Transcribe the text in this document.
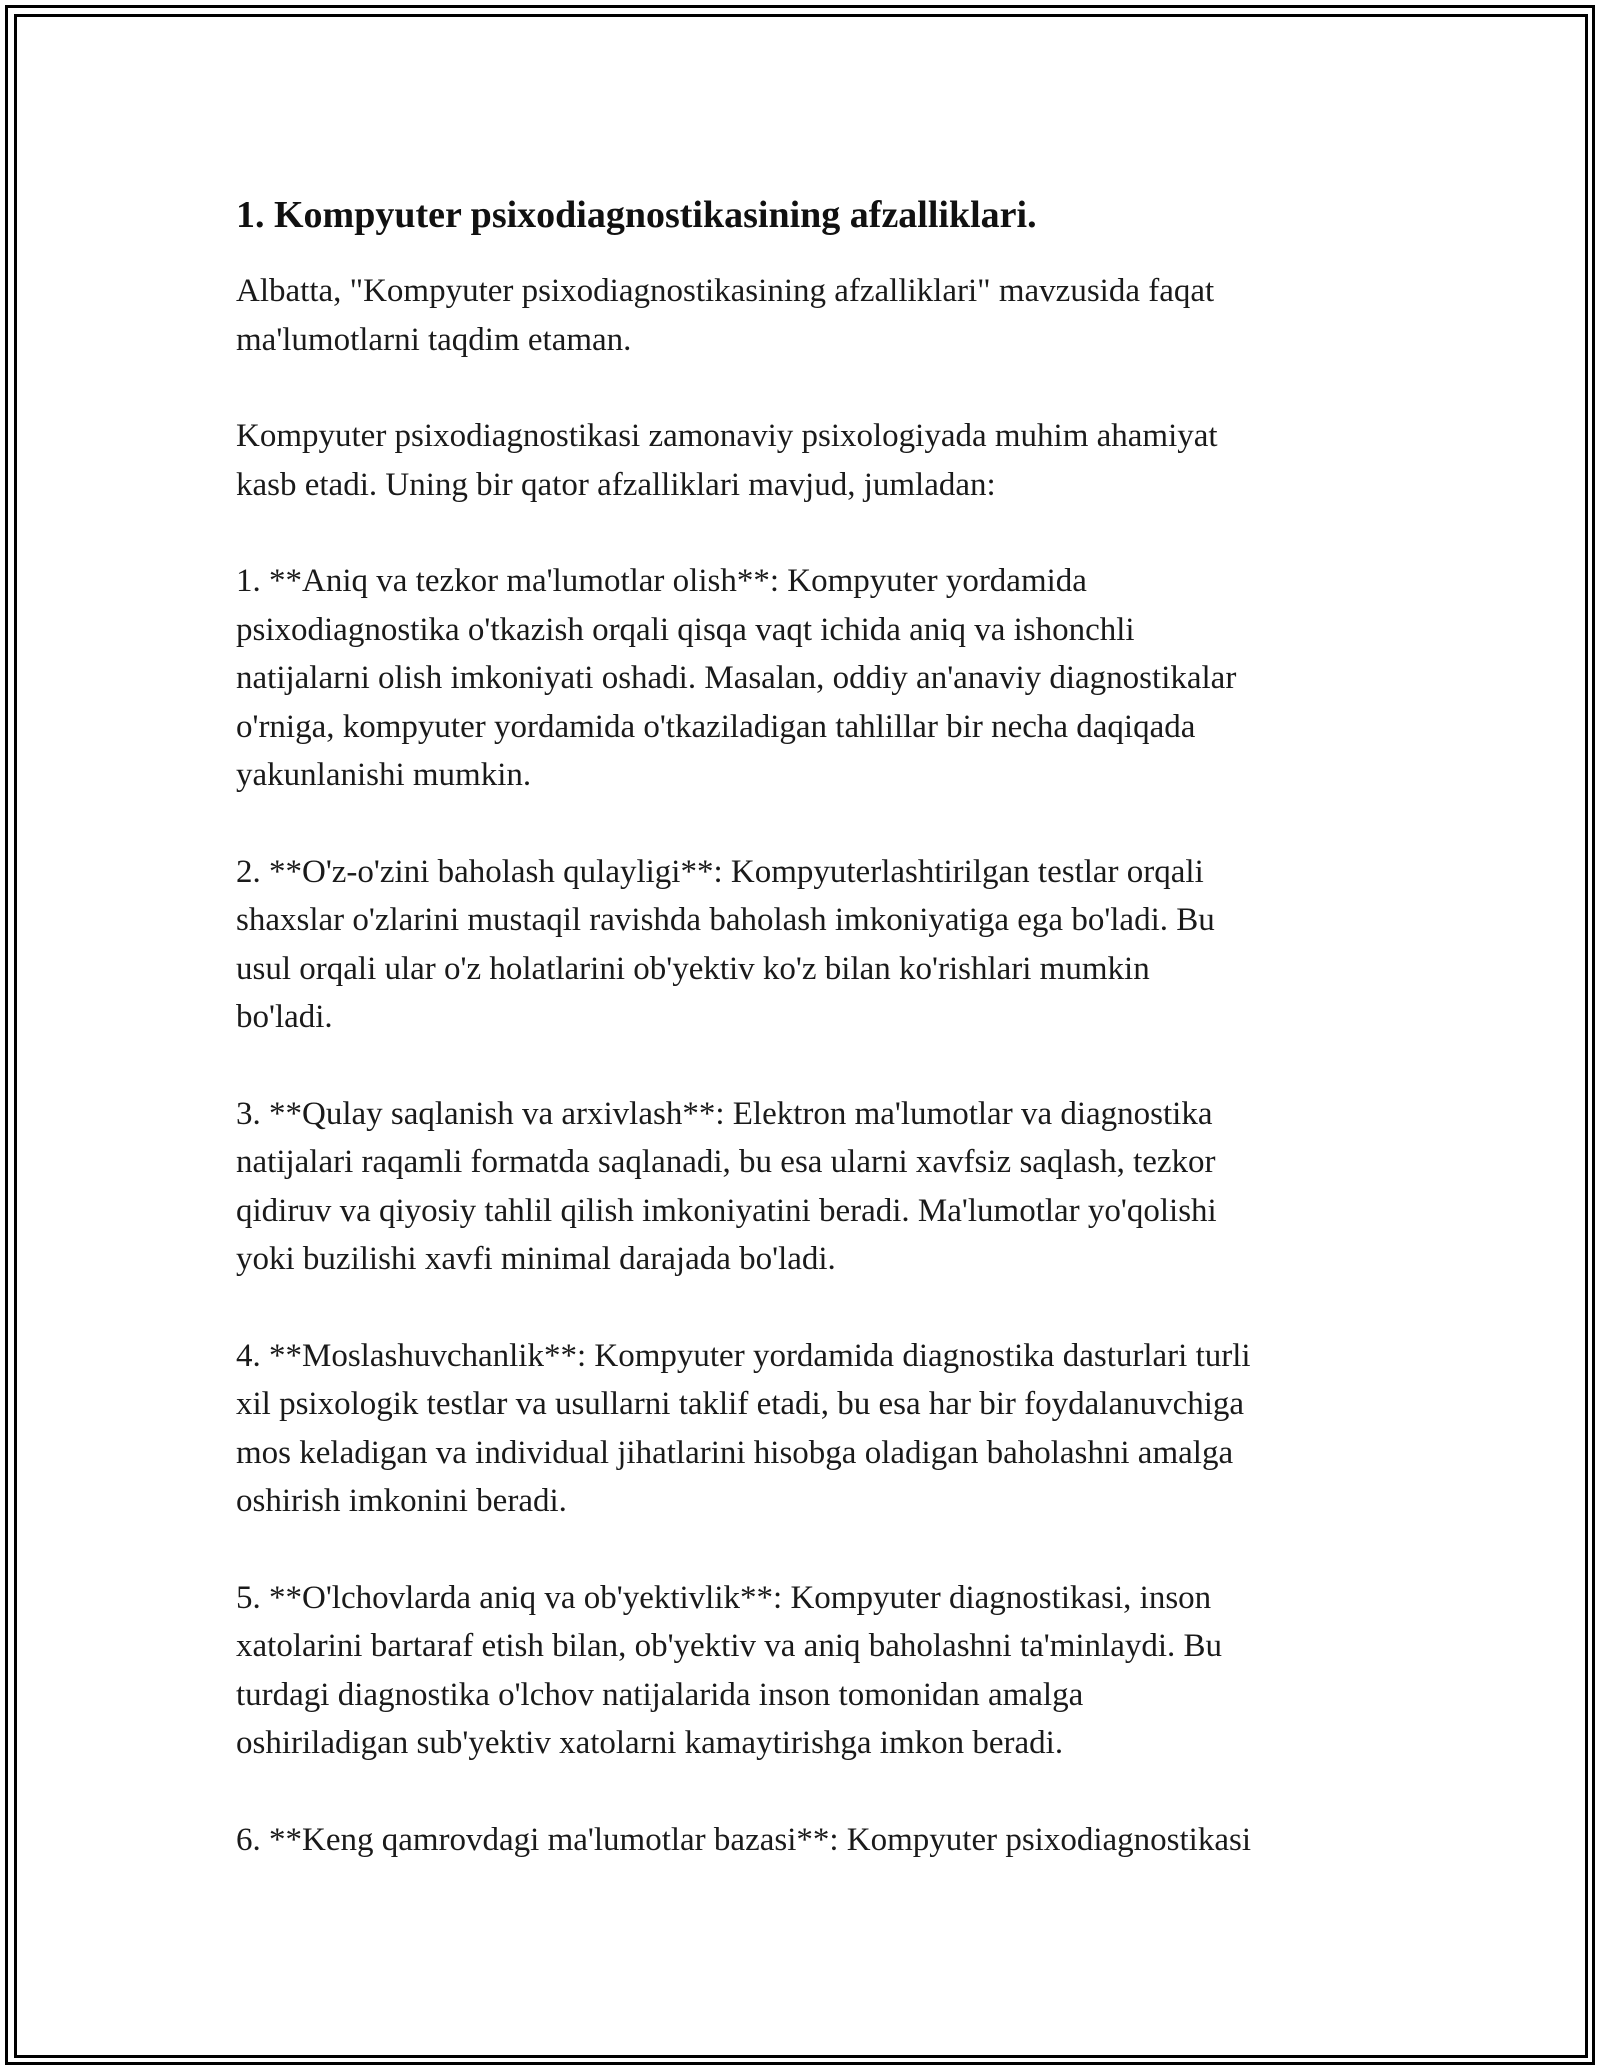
1. Kompyuter psixodiagnostikasining afzalliklari.

Albatta, "Kompyuter psixodiagnostikasining afzalliklari" mavzusida faqat
ma'lumotlarni taqdim etaman.

Kompyuter psixodiagnostikasi zamonaviy psixologiyada muhim ahamiyat
kasb etadi. Uning bir qator afzalliklari mavjud, jumladan:

1. **Aniq va tezkor ma'lumotlar olish**: Kompyuter yordamida
psixodiagnostika o'tkazish orqali qisqa vaqt ichida aniq va ishonchli
natijalarni olish imkoniyati oshadi. Masalan, oddiy an'anaviy diagnostikalar
o'rniga, kompyuter yordamida o'tkaziladigan tahlillar bir necha daqiqada
yakunlanishi mumkin.

2. **O'z-o'zini baholash qulayligi**: Kompyuterlashtirilgan testlar orqali
shaxslar o'zlarini mustaqil ravishda baholash imkoniyatiga ega bo'ladi. Bu
usul orqali ular o'z holatlarini ob'yektiv ko'z bilan ko'rishlari mumkin
bo'ladi.

3. **Qulay saqlanish va arxivlash**: Elektron ma'lumotlar va diagnostika
natijalari raqamli formatda saqlanadi, bu esa ularni xavfsiz saqlash, tezkor
qidiruv va qiyosiy tahlil qilish imkoniyatini beradi. Ma'lumotlar yo'qolishi
yoki buzilishi xavfi minimal darajada bo'ladi.

4. **Moslashuvchanlik**: Kompyuter yordamida diagnostika dasturlari turli
xil psixologik testlar va usullarni taklif etadi, bu esa har bir foydalanuvchiga
mos keladigan va individual jihatlarini hisobga oladigan baholashni amalga
oshirish imkonini beradi.

5. **O'lchovlarda aniq va ob'yektivlik**: Kompyuter diagnostikasi, inson
xatolarini bartaraf etish bilan, ob'yektiv va aniq baholashni ta'minlaydi. Bu
turdagi diagnostika o'lchov natijalarida inson tomonidan amalga
oshiriladigan sub'yektiv xatolarni kamaytirishga imkon beradi.

6. **Keng qamrovdagi ma'lumotlar bazasi**: Kompyuter psixodiagnostikasi
